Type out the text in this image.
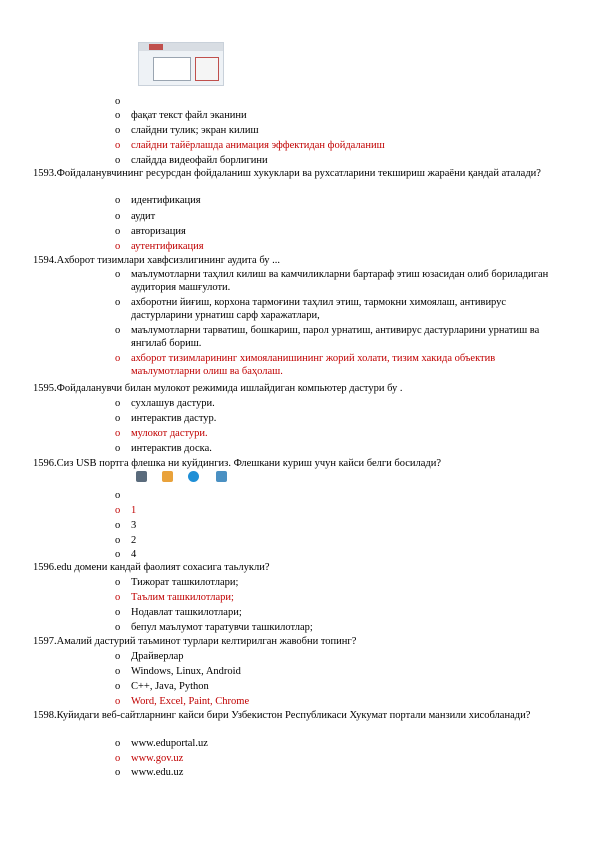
o
o фақат текст файл эканини
o слайдни тулик; экран килиш
o слайдни тайёрлашда анимация эффектидан фойдаланиш
o слайдда видеофайл борлигини
1593.Фойдаланувчининг ресурсдан фойдаланиш хукуклари ва рухсатларини текшириш жараёни қандай аталади?
o идентификация
o аудит
o авторизация
o аутентификация
1594.Ахборот тизимлари хавфсизлигининг аудита бу ...
o маълумотларни таҳлил килиш ва камчиликларни бартараф этиш юзасидан олиб бориладиган аудитория машғулоти.
o ахборотни йиғиш, корхона тармоғини таҳлил этиш, тармокни химоялаш, антивирус дастурларини урнатиш сарф харажатлари,
o маълумотларни тарватиш, бошкариш, парол урнатиш, антивирус дастурларини урнатиш ва янгилаб бориш.
o ахборот тизимларининг химояланишининг жорий холати, тизим хакида объектив маълумотларни олиш ва баҳолаш.
1595.Фойдаланувчи билан мулокот режимида ишлайдиган компьютер дастури бу .
o сухлашув дастури.
o интерактив дастур.
o мулокот дастури.
o интерактив доска.
1596.Сиз USB портга флешка ни куйдингиз. Флешкани куриш учун кайси белги босилади?
o
o 1
o 3
o 2
o 4
1596.edu домени кандай фаолият сохасига таьлукли?
o Тижорат ташкилотлари;
o Таълим ташкилотлари;
o Нодавлат ташкилотлари;
o бепул маълумот таратувчи ташкилотлар;
1597.Амалий дастурий таъминот турлари келтирилган жавобни топинг?
o Драйверлар
o Windows, Linux, Android
o C++, Java, Python
o Word, Excel, Paint, Chrome
1598.Куйидаги веб-сайтларнинг кайси бири Узбекистон Республикаси Хукумат портали манзили хисобланади?
o www.eduportal.uz
o www.gov.uz
o www.edu.uz
